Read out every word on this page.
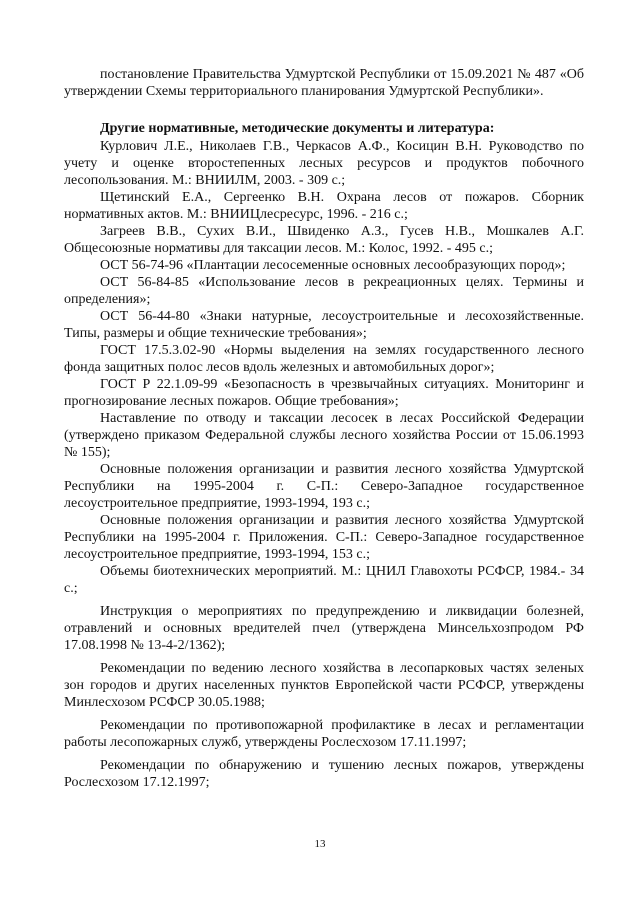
постановление Правительства Удмуртской Республики от 15.09.2021 № 487 «Об утверждении Схемы территориального планирования Удмуртской Республики».

Другие нормативные, методические документы и литература:

Курлович Л.Е., Николаев Г.В., Черкасов А.Ф., Косицин В.Н. Руководство по учету и оценке второстепенных лесных ресурсов и продуктов побочного лесопользования. М.: ВНИИЛМ, 2003. - 309 с.;

Щетинский Е.А., Сергеенко В.Н. Охрана лесов от пожаров. Сборник нормативных актов. М.: ВНИИЦлесресурс, 1996. - 216 с.;

Загреев В.В., Сухих В.И., Швиденко А.З., Гусев Н.В., Мошкалев А.Г. Общесоюзные нормативы для таксации лесов. М.: Колос, 1992. - 495 с.;

ОСТ 56-74-96 «Плантации лесосеменные основных лесообразующих пород»;

ОСТ 56-84-85 «Использование лесов в рекреационных целях. Термины и определения»;

ОСТ 56-44-80 «Знаки натурные, лесоустроительные и лесохозяйственные. Типы, размеры и общие технические требования»;

ГОСТ 17.5.3.02-90 «Нормы выделения на землях государственного лесного фонда защитных полос лесов вдоль железных и автомобильных дорог»;

ГОСТ Р 22.1.09-99 «Безопасность в чрезвычайных ситуациях. Мониторинг и прогнозирование лесных пожаров. Общие требования»;

Наставление по отводу и таксации лесосек в лесах Российской Федерации (утверждено приказом Федеральной службы лесного хозяйства России от 15.06.1993 № 155);

Основные положения организации и развития лесного хозяйства Удмуртской Республики на 1995-2004 г. С-П.: Северо-Западное государственное лесоустроительное предприятие, 1993-1994, 193 с.;

Основные положения организации и развития лесного хозяйства Удмуртской Республики на 1995-2004 г. Приложения. С-П.: Северо-Западное государственное лесоустроительное предприятие, 1993-1994, 153 с.;

Объемы биотехнических мероприятий. М.: ЦНИЛ Главохоты РСФСР, 1984.- 34 с.;

Инструкция о мероприятиях по предупреждению и ликвидации болезней, отравлений и основных вредителей пчел (утверждена Минсельхозпродом РФ 17.08.1998 № 13-4-2/1362);

Рекомендации по ведению лесного хозяйства в лесопарковых частях зеленых зон городов и других населенных пунктов Европейской части РСФСР, утверждены Минлесхозом РСФСР 30.05.1988;

Рекомендации по противопожарной профилактике в лесах и регламентации работы лесопожарных служб, утверждены Рослесхозом 17.11.1997;

Рекомендации по обнаружению и тушению лесных пожаров, утверждены Рослесхозом 17.12.1997;

13
